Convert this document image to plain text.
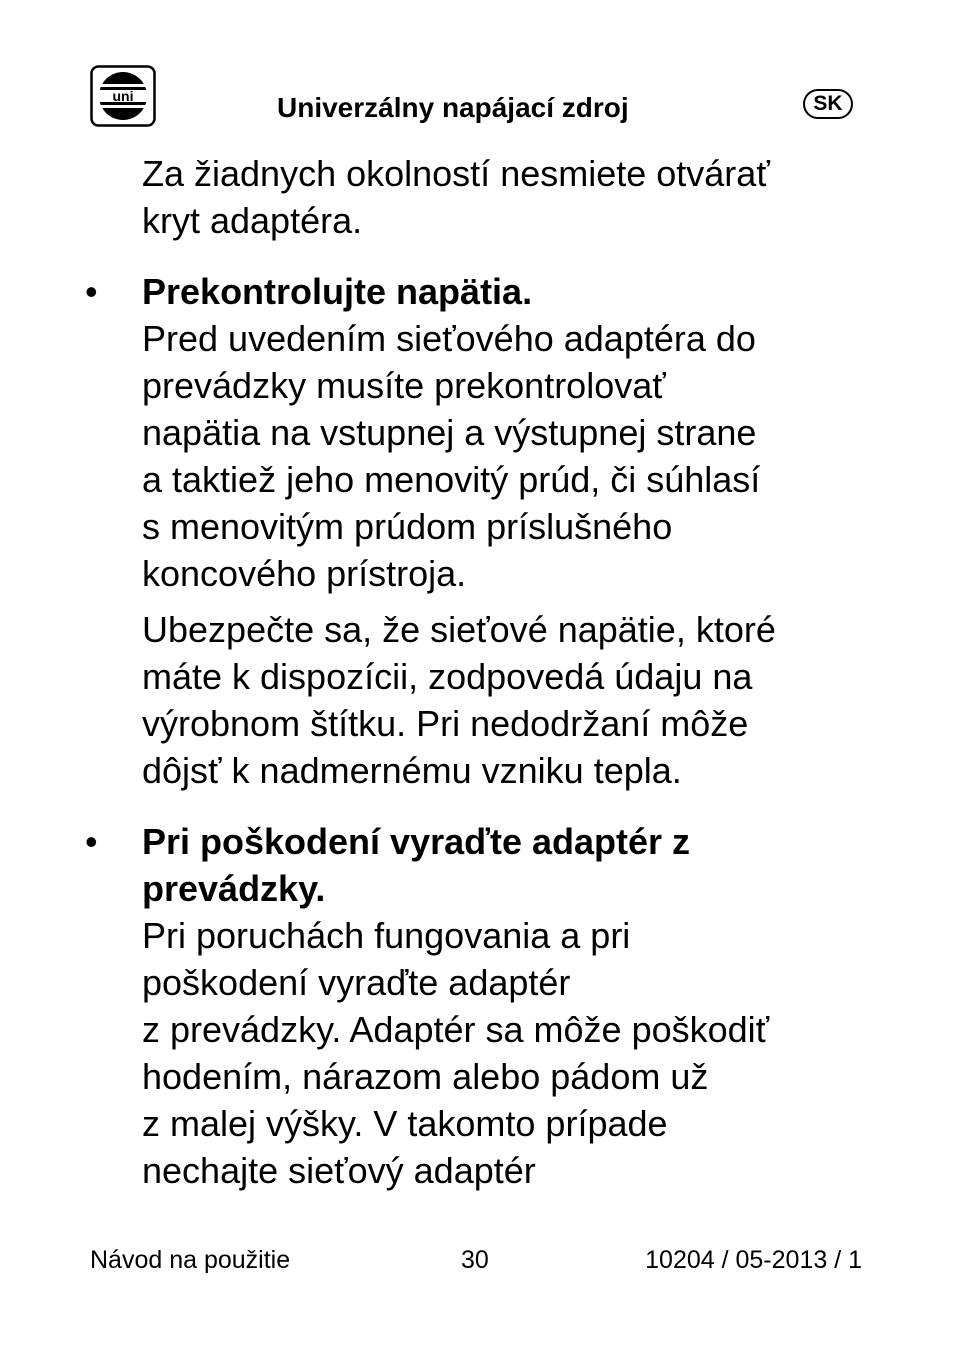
uni	Univerzálny napájací zdroj	SK

Za žiadnych okolností nesmiete otvárať
kryt adaptéra.

• Prekontrolujte napätia.

Pred uvedením sieťového adaptéra do
prevádzky musíte prekontrolovať
napätia na vstupnej a výstupnej strane
a taktiež jeho menovitý prúd, či súhlasí
s menovitým prúdom príslušného
koncového prístroja.

Ubezpečte sa, že sieťové napätie, ktoré
máte k dispozícii, zodpovedá údaju na
výrobnom štítku. Pri nedodržaní môže
dôjsť k nadmernému vzniku tepla.

• Pri poškodení vyraďte adaptér z
prevádzky.

Pri poruchách fungovania a pri
poškodení vyraďte adaptér
z prevádzky. Adaptér sa môže poškodiť
hodením, nárazom alebo pádom už
z malej výšky. V takomto prípade
nechajte sieťový adaptér

Návod na použitie	30	10204 / 05-2013 / 1
